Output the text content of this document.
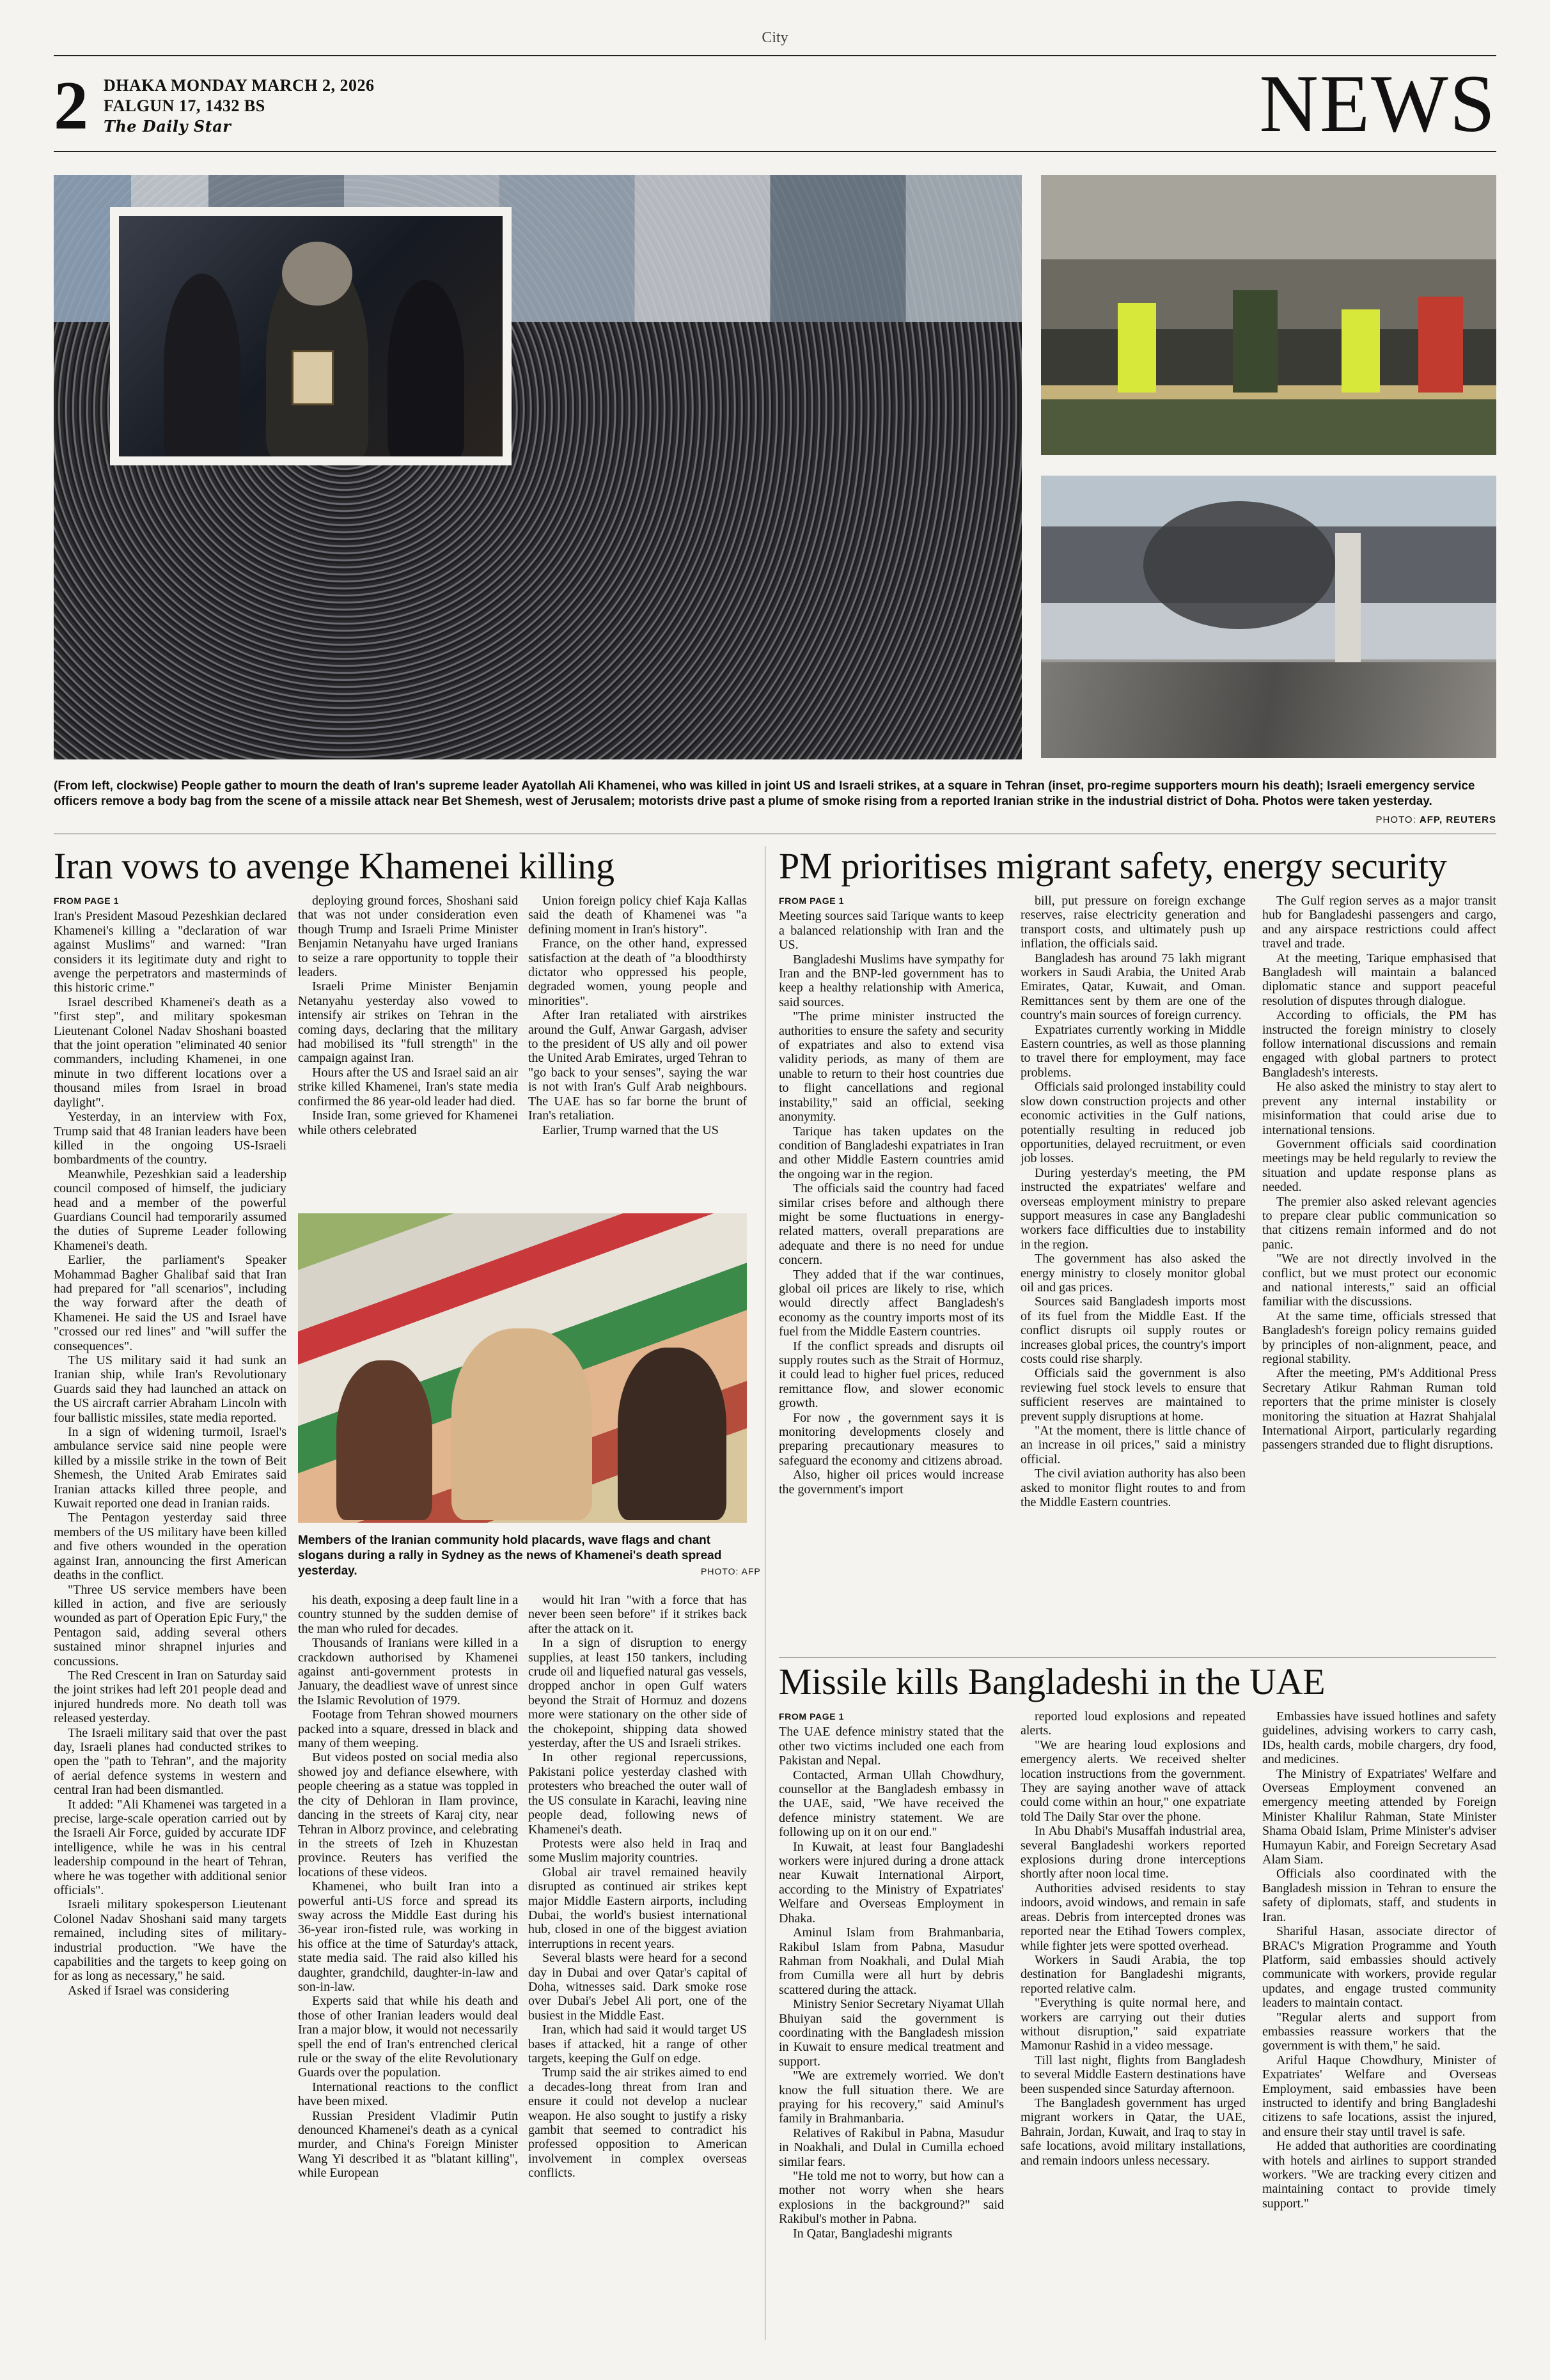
City
2 DHAKA MONDAY MARCH 2, 2026
FALGUN 17, 1432 BS
The Daily Star	NEWS
(From left, clockwise) People gather to mourn the death of Iran's supreme leader Ayatollah Ali Khamenei, who was killed in joint US and Israeli strikes, at a square in Tehran (inset, pro-regime supporters mourn his death); Israeli emergency service officers remove a body bag from the scene of a missile attack near Bet Shemesh, west of Jerusalem; motorists drive past a plume of smoke rising from a reported Iranian strike in the industrial district of Doha. Photos were taken yesterday.
PHOTO: AFP, REUTERS
Iran vows to avenge Khamenei killing
FROM PAGE 1

Iran's President Masoud Pezeshkian declared Khamenei's killing a "declaration of war against Muslims" and warned: "Iran considers it its legitimate duty and right to avenge the perpetrators and masterminds of this historic crime."

Israel described Khamenei's death as a "first step", and military spokesman Lieutenant Colonel Nadav Shoshani boasted that the joint operation "eliminated 40 senior commanders, including Khamenei, in one minute in two different locations over a thousand miles from Israel in broad daylight".

Yesterday, in an interview with Fox, Trump said that 48 Iranian leaders have been killed in the ongoing US-Israeli bombardments of the country.

Meanwhile, Pezeshkian said a leadership council composed of himself, the judiciary head and a member of the powerful Guardians Council had temporarily assumed the duties of Supreme Leader following Khamenei's death.

Earlier, the parliament's Speaker Mohammad Bagher Ghalibaf said that Iran had prepared for "all scenarios", including the way forward after the death of Khamenei. He said the US and Israel have "crossed our red lines" and "will suffer the consequences".

The US military said it had sunk an Iranian ship, while Iran's Revolutionary Guards said they had launched an attack on the US aircraft carrier Abraham Lincoln with four ballistic missiles, state media reported.

In a sign of widening turmoil, Israel's ambulance service said nine people were killed by a missile strike in the town of Beit Shemesh, the United Arab Emirates said Iranian attacks killed three people, and Kuwait reported one dead in Iranian raids.

The Pentagon yesterday said three members of the US military have been killed and five others wounded in the operation against Iran, announcing the first American deaths in the conflict.

"Three US service members have been killed in action, and five are seriously wounded as part of Operation Epic Fury," the Pentagon said, adding several others sustained minor shrapnel injuries and concussions.

The Red Crescent in Iran on Saturday said the joint strikes had left 201 people dead and injured hundreds more. No death toll was released yesterday.

The Israeli military said that over the past day, Israeli planes had conducted strikes to open the "path to Tehran", and the majority of aerial defence systems in western and central Iran had been dismantled.

It added: "Ali Khamenei was targeted in a precise, large-scale operation carried out by the Israeli Air Force, guided by accurate IDF intelligence, while he was in his central leadership compound in the heart of Tehran, where he was together with additional senior officials".

Israeli military spokesperson Lieutenant Colonel Nadav Shoshani said many targets remained, including sites of military-industrial production. "We have the capabilities and the targets to keep going on for as long as necessary," he said.

Asked if Israel was considering

deploying ground forces, Shoshani said that was not under consideration even though Trump and Israeli Prime Minister Benjamin Netanyahu have urged Iranians to seize a rare opportunity to topple their leaders.

Israeli Prime Minister Benjamin Netanyahu yesterday also vowed to intensify air strikes on Tehran in the coming days, declaring that the military had mobilised its "full strength" in the campaign against Iran.

Hours after the US and Israel said an air strike killed Khamenei, Iran's state media confirmed the 86 year-old leader had died.

Inside Iran, some grieved for Khamenei while others celebrated

Union foreign policy chief Kaja Kallas said the death of Khamenei was "a defining moment in Iran's history".

France, on the other hand, expressed satisfaction at the death of "a bloodthirsty dictator who oppressed his people, degraded women, young people and minorities".

After Iran retaliated with airstrikes around the Gulf, Anwar Gargash, adviser to the president of US ally and oil power the United Arab Emirates, urged Tehran to "go back to your senses", saying the war is not with Iran's Gulf Arab neighbours. The UAE has so far borne the brunt of Iran's retaliation.

Earlier, Trump warned that the US

Members of the Iranian community hold placards, wave flags and chant slogans during a rally in Sydney as the news of Khamenei's death spread yesterday.	PHOTO: AFP

his death, exposing a deep fault line in a country stunned by the sudden demise of the man who ruled for decades.

Thousands of Iranians were killed in a crackdown authorised by Khamenei against anti-government protests in January, the deadliest wave of unrest since the Islamic Revolution of 1979.

Footage from Tehran showed mourners packed into a square, dressed in black and many of them weeping.

But videos posted on social media also showed joy and defiance elsewhere, with people cheering as a statue was toppled in the city of Dehloran in Ilam province, dancing in the streets of Karaj city, near Tehran in Alborz province, and celebrating in the streets of Izeh in Khuzestan province. Reuters has verified the locations of these videos.

Khamenei, who built Iran into a powerful anti-US force and spread its sway across the Middle East during his 36-year iron-fisted rule, was working in his office at the time of Saturday's attack, state media said. The raid also killed his daughter, grandchild, daughter-in-law and son-in-law.

Experts said that while his death and those of other Iranian leaders would deal Iran a major blow, it would not necessarily spell the end of Iran's entrenched clerical rule or the sway of the elite Revolutionary Guards over the population.

International reactions to the conflict have been mixed.

Russian President Vladimir Putin denounced Khamenei's death as a cynical murder, and China's Foreign Minister Wang Yi described it as "blatant killing", while European

would hit Iran "with a force that has never been seen before" if it strikes back after the attack on it.

In a sign of disruption to energy supplies, at least 150 tankers, including crude oil and liquefied natural gas vessels, dropped anchor in open Gulf waters beyond the Strait of Hormuz and dozens more were stationary on the other side of the chokepoint, shipping data showed yesterday, after the US and Israeli strikes.

In other regional repercussions, Pakistani police yesterday clashed with protesters who breached the outer wall of the US consulate in Karachi, leaving nine people dead, following news of Khamenei's death.

Protests were also held in Iraq and some Muslim majority countries.

Global air travel remained heavily disrupted as continued air strikes kept major Middle Eastern airports, including Dubai, the world's busiest international hub, closed in one of the biggest aviation interruptions in recent years.

Several blasts were heard for a second day in Dubai and over Qatar's capital of Doha, witnesses said. Dark smoke rose over Dubai's Jebel Ali port, one of the busiest in the Middle East.

Iran, which had said it would target US bases if attacked, hit a range of other targets, keeping the Gulf on edge.

Trump said the air strikes aimed to end a decades-long threat from Iran and ensure it could not develop a nuclear weapon. He also sought to justify a risky gambit that seemed to contradict his professed opposition to American involvement in complex overseas conflicts.

PM prioritises migrant safety, energy security
FROM PAGE 1

Meeting sources said Tarique wants to keep a balanced relationship with Iran and the US.

Bangladeshi Muslims have sympathy for Iran and the BNP-led government has to keep a healthy relationship with America, said sources.

"The prime minister instructed the authorities to ensure the safety and security of expatriates and also to extend visa validity periods, as many of them are unable to return to their host countries due to flight cancellations and regional instability," said an official, seeking anonymity.

Tarique has taken updates on the condition of Bangladeshi expatriates in Iran and other Middle Eastern countries amid the ongoing war in the region.

The officials said the country had faced similar crises before and although there might be some fluctuations in energy-related matters, overall preparations are adequate and there is no need for undue concern.

They added that if the war continues, global oil prices are likely to rise, which would directly affect Bangladesh's economy as the country imports most of its fuel from the Middle Eastern countries.

If the conflict spreads and disrupts oil supply routes such as the Strait of Hormuz, it could lead to higher fuel prices, reduced remittance flow, and slower economic growth.

For now , the government says it is monitoring developments closely and preparing precautionary measures to safeguard the economy and citizens abroad.

Also, higher oil prices would increase the government's import

bill, put pressure on foreign exchange reserves, raise electricity generation and transport costs, and ultimately push up inflation, the officials said.

Bangladesh has around 75 lakh migrant workers in Saudi Arabia, the United Arab Emirates, Qatar, Kuwait, and Oman. Remittances sent by them are one of the country's main sources of foreign currency.

Expatriates currently working in Middle Eastern countries, as well as those planning to travel there for employment, may face problems.

Officials said prolonged instability could slow down construction projects and other economic activities in the Gulf nations, potentially resulting in reduced job opportunities, delayed recruitment, or even job losses.

During yesterday's meeting, the PM instructed the expatriates' welfare and overseas employment ministry to prepare support measures in case any Bangladeshi workers face difficulties due to instability in the region.

The government has also asked the energy ministry to closely monitor global oil and gas prices.

Sources said Bangladesh imports most of its fuel from the Middle East. If the conflict disrupts oil supply routes or increases global prices, the country's import costs could rise sharply.

Officials said the government is also reviewing fuel stock levels to ensure that sufficient reserves are maintained to prevent supply disruptions at home.

"At the moment, there is little chance of an increase in oil prices," said a ministry official.

The civil aviation authority has also been asked to monitor flight routes to and from the Middle Eastern countries.

The Gulf region serves as a major transit hub for Bangladeshi passengers and cargo, and any airspace restrictions could affect travel and trade.

At the meeting, Tarique emphasised that Bangladesh will maintain a balanced diplomatic stance and support peaceful resolution of disputes through dialogue.

According to officials, the PM has instructed the foreign ministry to closely follow international discussions and remain engaged with global partners to protect Bangladesh's interests.

He also asked the ministry to stay alert to prevent any internal instability or misinformation that could arise due to international tensions.

Government officials said coordination meetings may be held regularly to review the situation and update response plans as needed.

The premier also asked relevant agencies to prepare clear public communication so that citizens remain informed and do not panic.

"We are not directly involved in the conflict, but we must protect our economic and national interests," said an official familiar with the discussions.

At the same time, officials stressed that Bangladesh's foreign policy remains guided by principles of non-alignment, peace, and regional stability.

After the meeting, PM's Additional Press Secretary Atikur Rahman Ruman told reporters that the prime minister is closely monitoring the situation at Hazrat Shahjalal International Airport, particularly regarding passengers stranded due to flight disruptions.

Missile kills Bangladeshi in the UAE
FROM PAGE 1

The UAE defence ministry stated that the other two victims included one each from Pakistan and Nepal.

Contacted, Arman Ullah Chowdhury, counsellor at the Bangladesh embassy in the UAE, said, "We have received the defence ministry statement. We are following up on it on our end."

In Kuwait, at least four Bangladeshi workers were injured during a drone attack near Kuwait International Airport, according to the Ministry of Expatriates' Welfare and Overseas Employment in Dhaka.

Aminul Islam from Brahmanbaria, Rakibul Islam from Pabna, Masudur Rahman from Noakhali, and Dulal Miah from Cumilla were all hurt by debris scattered during the attack.

Ministry Senior Secretary Niyamat Ullah Bhuiyan said the government is coordinating with the Bangladesh mission in Kuwait to ensure medical treatment and support.

"We are extremely worried. We don't know the full situation there. We are praying for his recovery," said Aminul's family in Brahmanbaria.

Relatives of Rakibul in Pabna, Masudur in Noakhali, and Dulal in Cumilla echoed similar fears.

"He told me not to worry, but how can a mother not worry when she hears explosions in the background?" said Rakibul's mother in Pabna.

In Qatar, Bangladeshi migrants

reported loud explosions and repeated alerts.

"We are hearing loud explosions and emergency alerts. We received shelter location instructions from the government. They are saying another wave of attack could come within an hour," one expatriate told The Daily Star over the phone.

In Abu Dhabi's Musaffah industrial area, several Bangladeshi workers reported explosions during drone interceptions shortly after noon local time.

Authorities advised residents to stay indoors, avoid windows, and remain in safe areas. Debris from intercepted drones was reported near the Etihad Towers complex, while fighter jets were spotted overhead.

Workers in Saudi Arabia, the top destination for Bangladeshi migrants, reported relative calm.

"Everything is quite normal here, and workers are carrying out their duties without disruption," said expatriate Mamonur Rashid in a video message.

Till last night, flights from Bangladesh to several Middle Eastern destinations have been suspended since Saturday afternoon.

The Bangladesh government has urged migrant workers in Qatar, the UAE, Bahrain, Jordan, Kuwait, and Iraq to stay in safe locations, avoid military installations, and remain indoors unless necessary.

Embassies have issued hotlines and safety guidelines, advising workers to carry cash, IDs, health cards, mobile chargers, dry food, and medicines.

The Ministry of Expatriates' Welfare and Overseas Employment convened an emergency meeting attended by Foreign Minister Khalilur Rahman, State Minister Shama Obaid Islam, Prime Minister's adviser Humayun Kabir, and Foreign Secretary Asad Alam Siam.

Officials also coordinated with the Bangladesh mission in Tehran to ensure the safety of diplomats, staff, and students in Iran.

Shariful Hasan, associate director of BRAC's Migration Programme and Youth Platform, said embassies should actively communicate with workers, provide regular updates, and engage trusted community leaders to maintain contact.

"Regular alerts and support from embassies reassure workers that the government is with them," he said.

Ariful Haque Chowdhury, Minister of Expatriates' Welfare and Overseas Employment, said embassies have been instructed to identify and bring Bangladeshi citizens to safe locations, assist the injured, and ensure their stay until travel is safe.

He added that authorities are coordinating with hotels and airlines to support stranded workers. "We are tracking every citizen and maintaining contact to provide timely support."
